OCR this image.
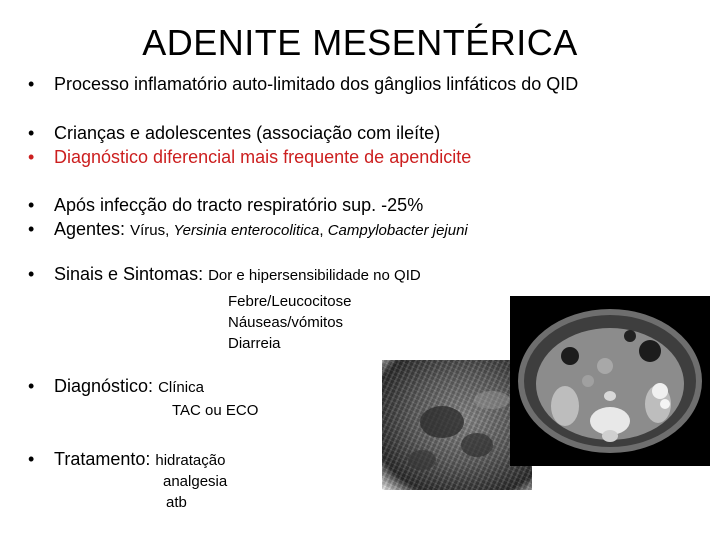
ADENITE MESENTÉRICA
• Processo inflamatório auto-limitado dos gânglios linfáticos do QID
• Crianças e adolescentes (associação com ileíte)
• Diagnóstico diferencial mais frequente de apendicite
• Após infecção do tracto respiratório sup. -25%
• Agentes: Vírus, Yersinia enterocolitica, Campylobacter jejuni
• Sinais e Sintomas: Dor e hipersensibilidade no QID
Febre/Leucocitose
Náuseas/vómitos
Diarreia
• Diagnóstico: Clínica
TAC ou ECO
• Tratamento: hidratação
analgesia
atb
